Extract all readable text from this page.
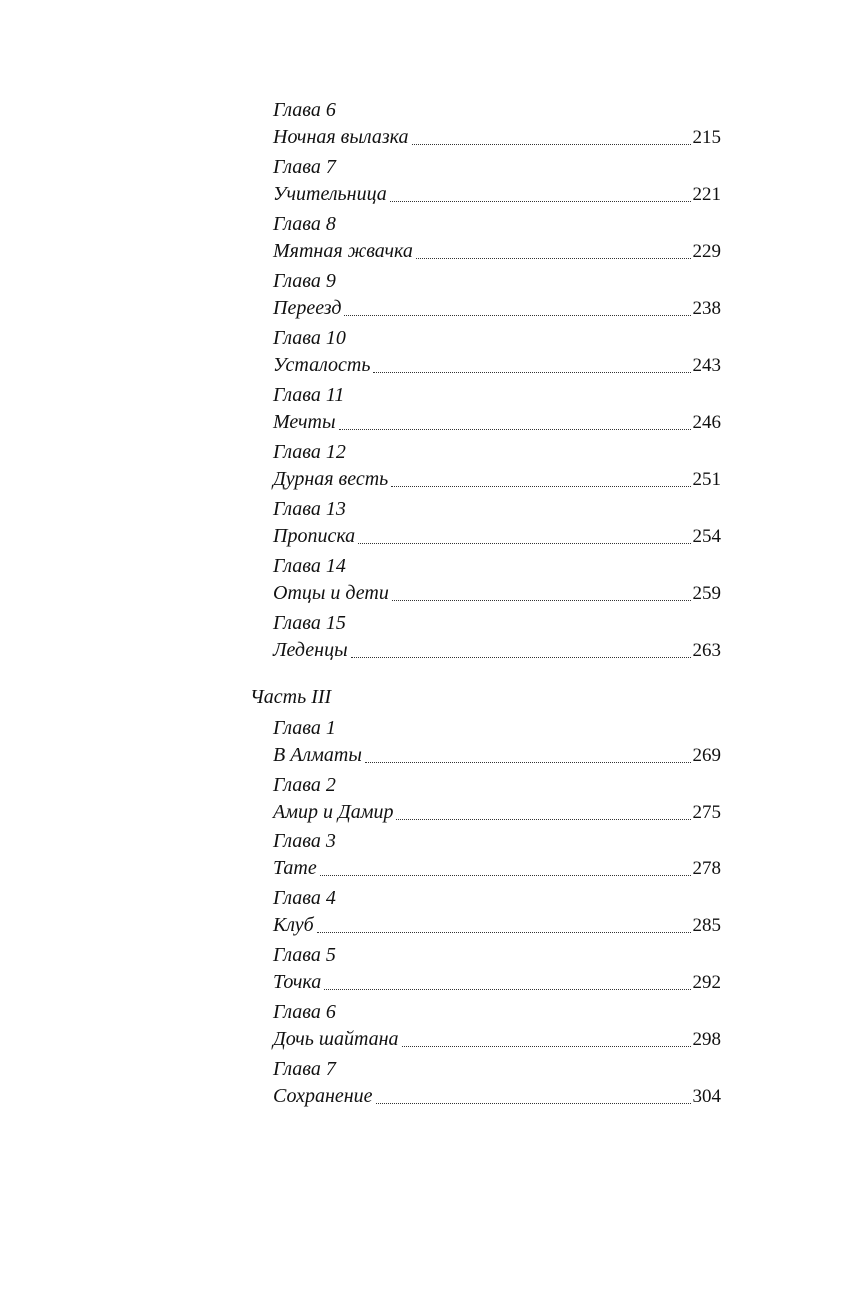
Глава 6
Ночная вылазка	215
Глава 7
Учительница	221
Глава 8
Мятная жвачка	229
Глава 9
Переезд	238
Глава 10
Усталость	243
Глава 11
Мечты	246
Глава 12
Дурная весть	251
Глава 13
Прописка	254
Глава 14
Отцы и дети	259
Глава 15
Леденцы	263
Часть III
Глава 1
В Алматы	269
Глава 2
Амир и Дамир	275
Глава 3
Тате	278
Глава 4
Клуб	285
Глава 5
Точка	292
Глава 6
Дочь шайтана	298
Глава 7
Сохранение	304
